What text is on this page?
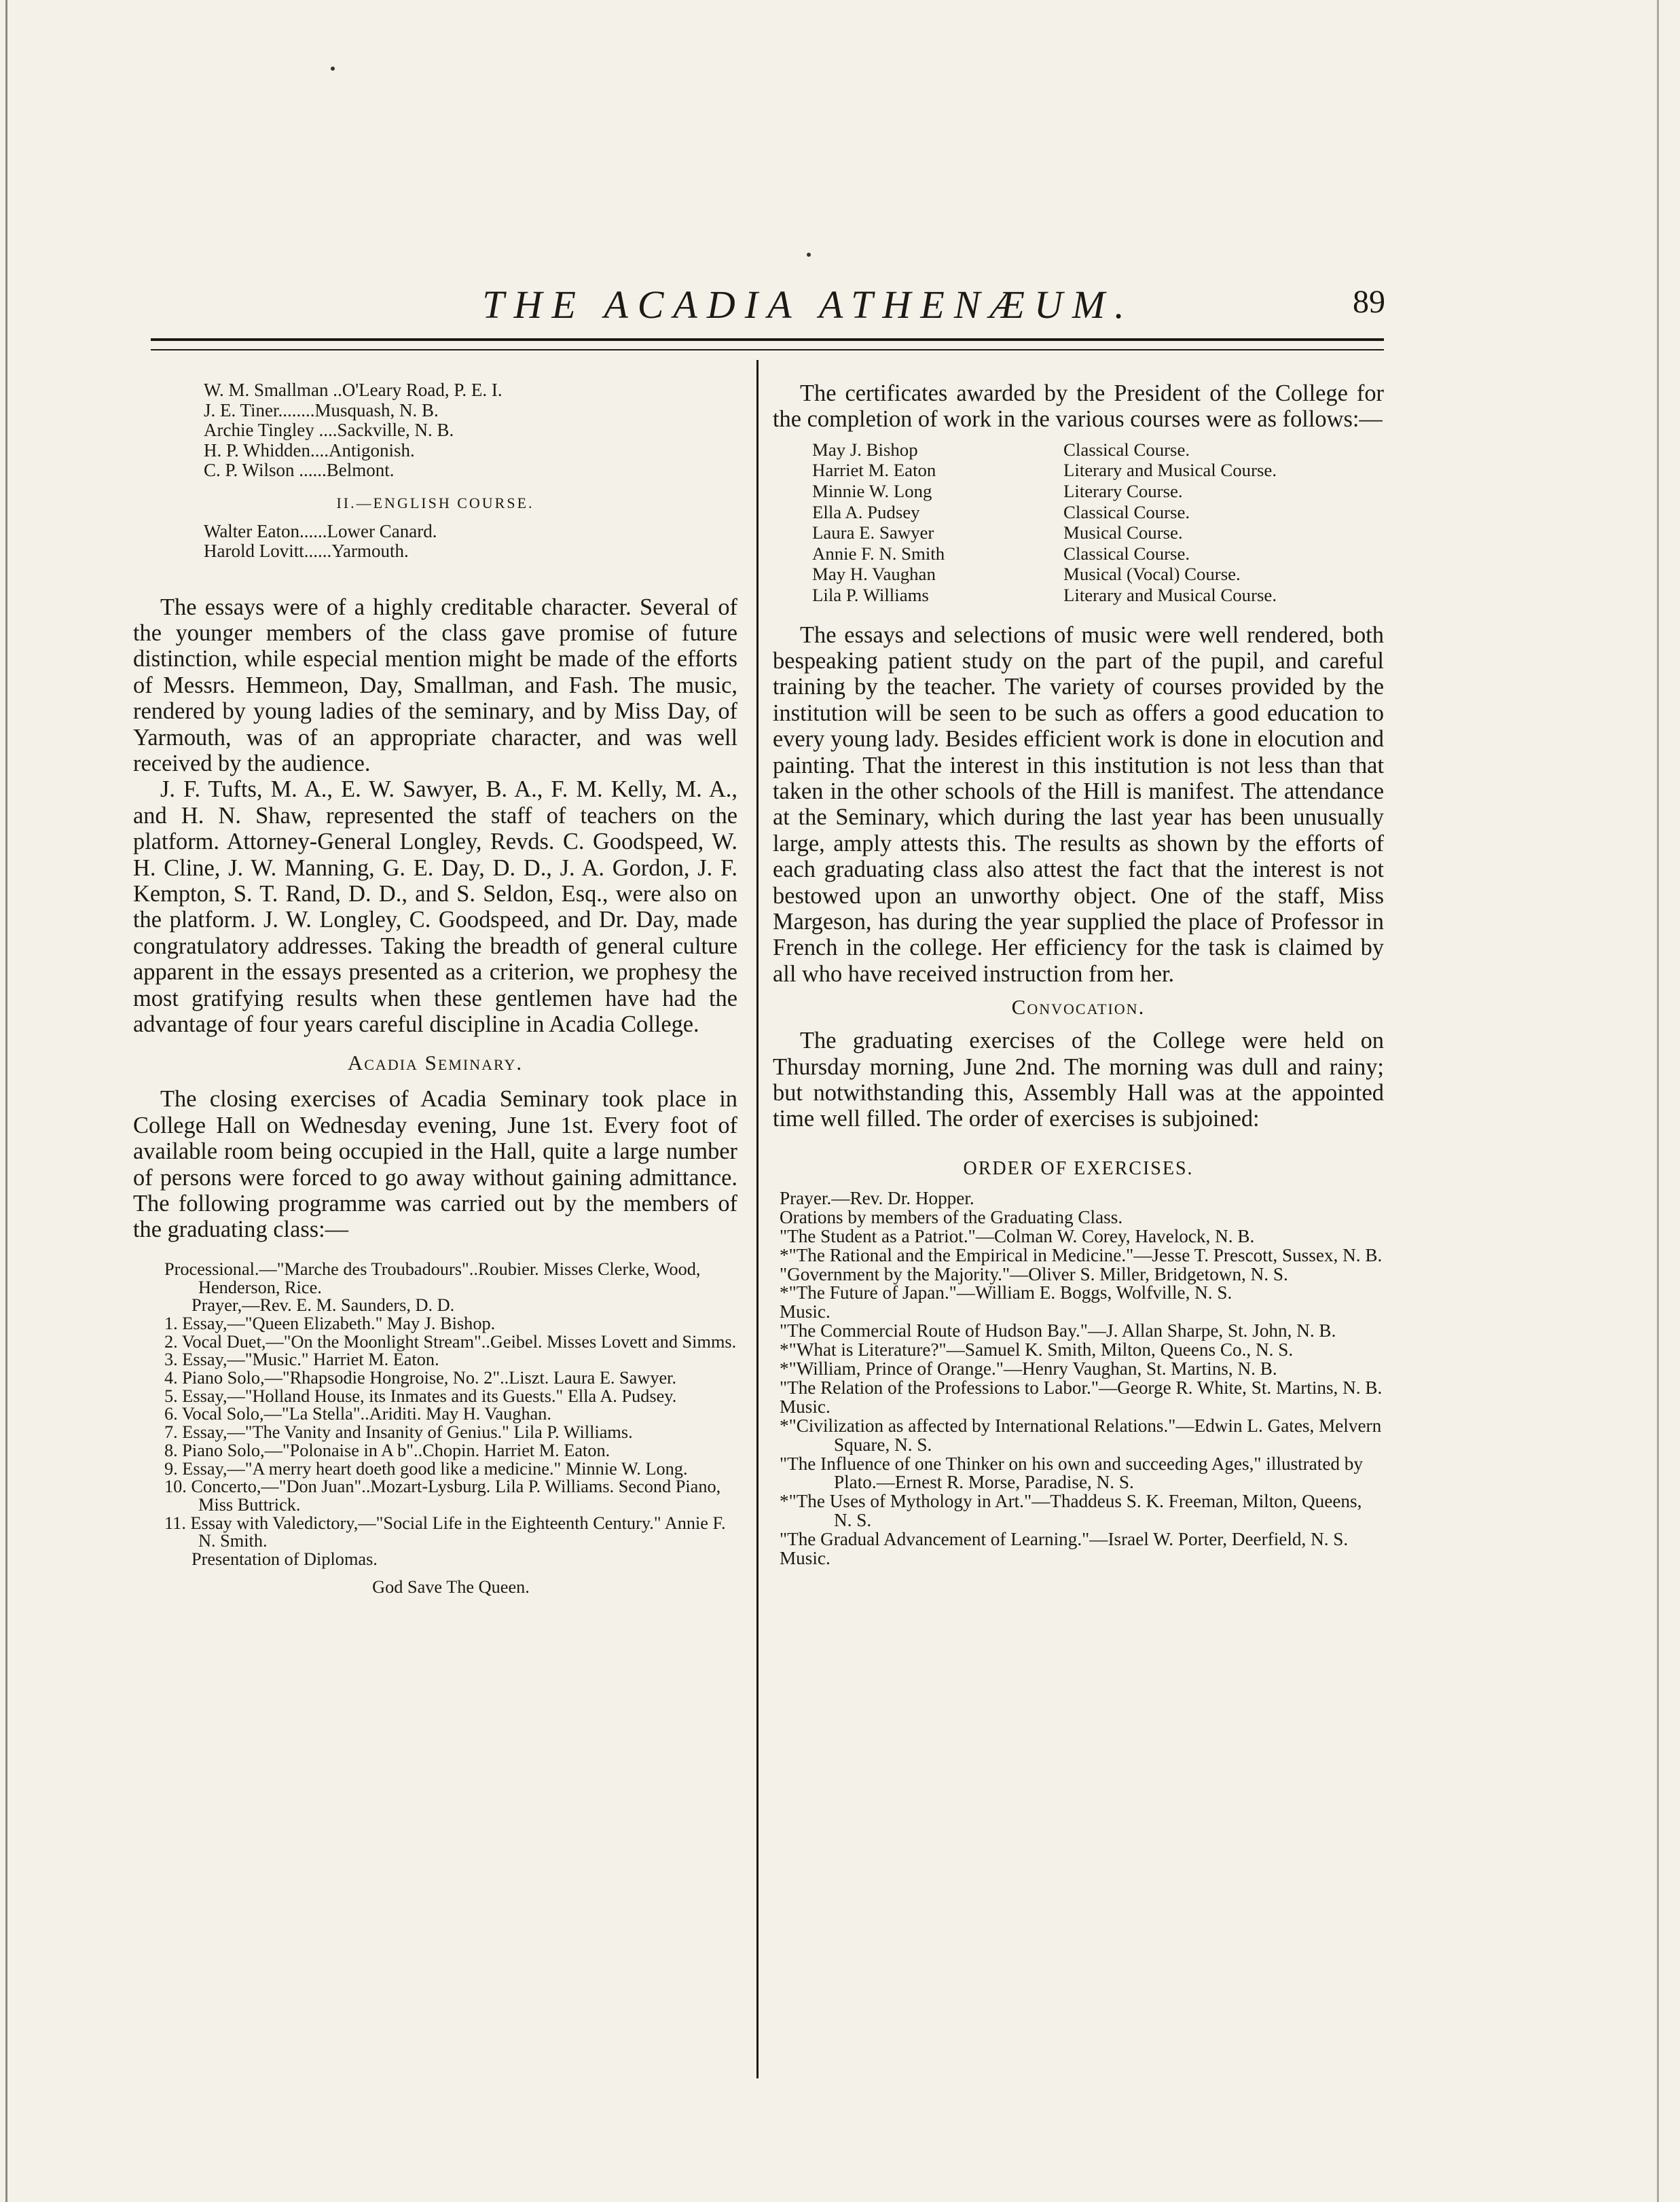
THE ACADIA ATHENÆUM.	89
W. M. Smallman ..O'Leary Road, P. E. I.
J. E. Tiner........Musquash, N. B.
Archie Tingley ....Sackville, N. B.
H. P. Whidden....Antigonish.
C. P. Wilson ......Belmont.
II.—ENGLISH COURSE.
Walter Eaton......Lower Canard.
Harold Lovitt......Yarmouth.

The essays were of a highly creditable character. Several of the younger members of the class gave promise of future distinction, while especial mention might be made of the efforts of Messrs. Hemmeon, Day, Smallman, and Fash. The music, rendered by young ladies of the seminary, and by Miss Day, of Yarmouth, was of an appropriate character, and was well received by the audience.

J. F. Tufts, M. A., E. W. Sawyer, B. A., F. M. Kelly, M. A., and H. N. Shaw, represented the staff of teachers on the platform. Attorney-General Longley, Revds. C. Goodspeed, W. H. Cline, J. W. Manning, G. E. Day, D. D., J. A. Gordon, J. F. Kempton, S. T. Rand, D. D., and S. Seldon, Esq., were also on the platform. J. W. Longley, C. Goodspeed, and Dr. Day, made congratulatory addresses. Taking the breadth of general culture apparent in the essays presented as a criterion, we prophesy the most gratifying results when these gentlemen have had the advantage of four years careful discipline in Acadia College.

Acadia Seminary.

The closing exercises of Acadia Seminary took place in College Hall on Wednesday evening, June 1st. Every foot of available room being occupied in the Hall, quite a large number of persons were forced to go away without gaining admittance. The following programme was carried out by the members of the graduating class:—

Processional.—"Marche des Troubadours"..Roubier. Misses Clerke, Wood, Henderson, Rice.
Prayer,—Rev. E. M. Saunders, D. D.
1. Essay,—"Queen Elizabeth." May J. Bishop.
2. Vocal Duet,—"On the Moonlight Stream"..Geibel. Misses Lovett and Simms.
3. Essay,—"Music." Harriet M. Eaton.
4. Piano Solo,—"Rhapsodie Hongroise, No. 2"..Liszt. Laura E. Sawyer.
5. Essay,—"Holland House, its Inmates and its Guests." Ella A. Pudsey.
6. Vocal Solo,—"La Stella"..Ariditi. May H. Vaughan.
7. Essay,—"The Vanity and Insanity of Genius." Lila P. Williams.
8. Piano Solo,—"Polonaise in A b"..Chopin. Harriet M. Eaton.
9. Essay,—"A merry heart doeth good like a medicine." Minnie W. Long.
10. Concerto,—"Don Juan"..Mozart-Lysburg. Lila P. Williams. Second Piano, Miss Buttrick.
11. Essay with Valedictory,—"Social Life in the Eighteenth Century." Annie F. N. Smith.
Presentation of Diplomas.
God Save The Queen.

The certificates awarded by the President of the College for the completion of work in the various courses were as follows:—

May J. Bishop	Classical Course.
Harriet M. Eaton	Literary and Musical Course.
Minnie W. Long	Literary Course.
Ella A. Pudsey	Classical Course.
Laura E. Sawyer	Musical Course.
Annie F. N. Smith	Classical Course.
May H. Vaughan	Musical (Vocal) Course.
Lila P. Williams	Literary and Musical Course.

The essays and selections of music were well rendered, both bespeaking patient study on the part of the pupil, and careful training by the teacher. The variety of courses provided by the institution will be seen to be such as offers a good education to every young lady. Besides efficient work is done in elocution and painting. That the interest in this institution is not less than that taken in the other schools of the Hill is manifest. The attendance at the Seminary, which during the last year has been unusually large, amply attests this. The results as shown by the efforts of each graduating class also attest the fact that the interest is not bestowed upon an unworthy object. One of the staff, Miss Margeson, has during the year supplied the place of Professor in French in the college. Her efficiency for the task is claimed by all who have received instruction from her.

Convocation.

The graduating exercises of the College were held on Thursday morning, June 2nd. The morning was dull and rainy; but notwithstanding this, Assembly Hall was at the appointed time well filled. The order of exercises is subjoined:

ORDER OF EXERCISES.
Prayer.—Rev. Dr. Hopper.
Orations by members of the Graduating Class.
"The Student as a Patriot."—Colman W. Corey, Havelock, N. B.
*"The Rational and the Empirical in Medicine."—Jesse T. Prescott, Sussex, N. B.
"Government by the Majority."—Oliver S. Miller, Bridgetown, N. S.
*"The Future of Japan."—William E. Boggs, Wolfville, N. S.
Music.
"The Commercial Route of Hudson Bay."—J. Allan Sharpe, St. John, N. B.
*"What is Literature?"—Samuel K. Smith, Milton, Queens Co., N. S.
*"William, Prince of Orange."—Henry Vaughan, St. Martins, N. B.
"The Relation of the Professions to Labor."—George R. White, St. Martins, N. B.
Music.
*"Civilization as affected by International Relations."—Edwin L. Gates, Melvern Square, N. S.
"The Influence of one Thinker on his own and succeeding Ages," illustrated by Plato.—Ernest R. Morse, Paradise, N. S.
*"The Uses of Mythology in Art."—Thaddeus S. K. Freeman, Milton, Queens, N. S.
"The Gradual Advancement of Learning."—Israel W. Porter, Deerfield, N. S.
Music.
